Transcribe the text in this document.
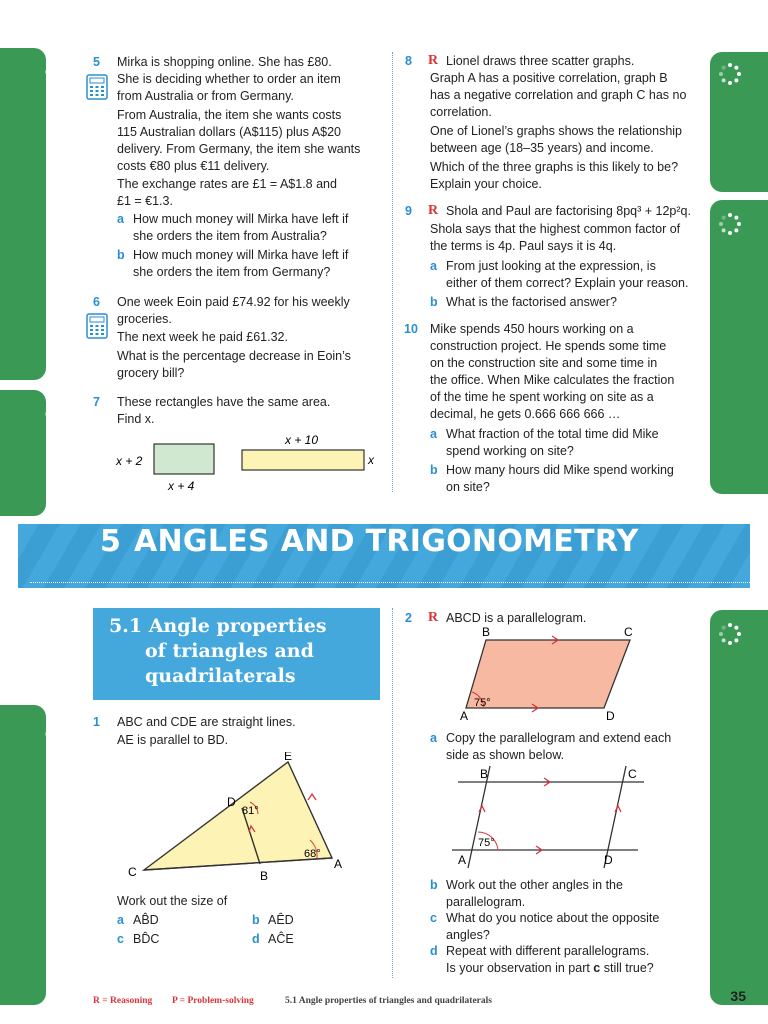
5 Mirka is shopping online. She has £80.
She is deciding whether to order an item
from Australia or from Germany.
From Australia, the item she wants costs
115 Australian dollars (A$115) plus A$20
delivery. From Germany, the item she wants
costs €80 plus €11 delivery.
The exchange rates are £1 = A$1.8 and
£1 = €1.3.
a How much money will Mirka have left if
she orders the item from Australia?
b How much money will Mirka have left if
she orders the item from Germany?
6 One week Eoin paid £74.92 for his weekly
groceries.
The next week he paid £61.32.
What is the percentage decrease in Eoin’s
grocery bill?
7 These rectangles have the same area.
Find x.
x + 2
x + 4
x + 10
x
8 R Lionel draws three scatter graphs.
Graph A has a positive correlation, graph B
has a negative correlation and graph C has no
correlation.
One of Lionel’s graphs shows the relationship
between age (18–35 years) and income.
Which of the three graphs is this likely to be?
Explain your choice.
9 R Shola and Paul are factorising 8pq³ + 12p²q.
Shola says that the highest common factor of
the terms is 4p. Paul says it is 4q.
a From just looking at the expression, is
either of them correct? Explain your reason.
b What is the factorised answer?
10 Mike spends 450 hours working on a
construction project. He spends some time
on the construction site and some time in
the office. When Mike calculates the fraction
of the time he spent working on site as a
decimal, he gets 0.666 666 666 …
a What fraction of the total time did Mike
spend working on site?
b How many hours did Mike spend working
on site?
5 ANGLES AND TRIGONOMETRY
5.1 Angle properties
of triangles and
quadrilaterals
1 ABC and CDE are straight lines.
AE is parallel to BD.
E
D
C	B
A
81°
68°
Work out the size of
a AB̂D	b AÊD
c BD̂C	d AĈE
2 R ABCD is a parallelogram.
B	C
A	D
75°
a Copy the parallelogram and extend each
side as shown below.
B	C
A	D
75°
b Work out the other angles in the
parallelogram.
c What do you notice about the opposite
angles?
d Repeat with different parallelograms.
Is your observation in part c still true?
R = Reasoning P = Problem-solving	5.1 Angle properties of triangles and quadrilaterals	35
